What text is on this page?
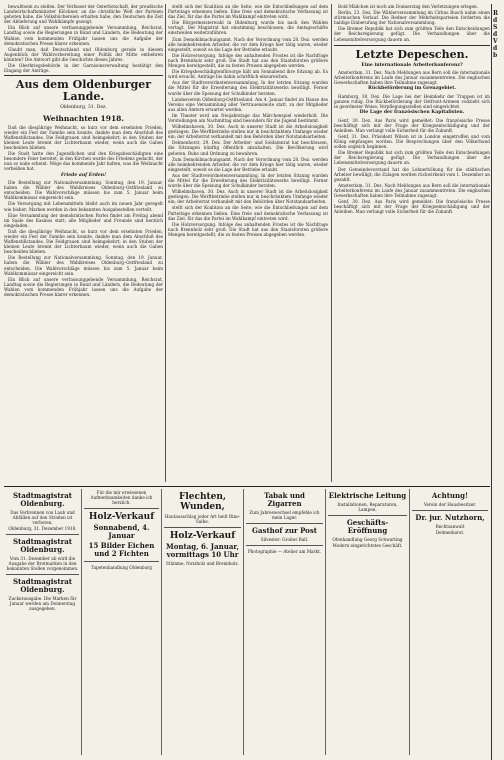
bewußtsein zu stellen. Der Verfasser der Osterbotschaft, der preußische Landwirtschaftsminister Klöckner, an die christliche Welt der Parteien geboten habe, die Volksbüchereien erhalten habe, den Deutschen die Zeit der Ablieferung und Wahlkämpfe gezeigt.

Ein Blick auf unsere verfassunggebende Versammlung, Reichsrat, Landtag sowie die Regierungen in Bund und Ländern, die Bedeutung der Wahlen vom kommenden Frühjahr lassen uns die Aufgabe der demokratischen Presse klarer erkennen.

Glaubt man, daß Deutschland und Oldenburg gerade in diesem Augenblick der Wahlvorbereitung einer Politik der Mitte entbehren könnten? Die Antwort gibt die Geschichte dieses Jahres.

Die Oberkriegsbehörde in der Garnisonsverwaltung bestätigt den Eingang der Anträge.

Aus dem Oldenburger Lande.
Oldenburg, 31. Dez.
Weihnachten 1918.

Daß die diesjährige Weihnacht, so kurz vor dem ersehnten Frieden, wieder ein Fest der Familie sein konnte, dankte man dem Abschluß des Waffenstillstandes. Die Feldgrauen sind heimgekehrt; in den Stuben der kleinen Leute brennt der Lichterbaum wieder, wenn auch die Gaben bescheiden blieben.

Die Stadt hatte den Jugendlichen und den Kriegsbeschädigten eine besondere Feier bereitet; in den Kirchen wurde des Friedens gedacht, der nun so nahe scheint. Möge das kommende Jahr halten, was die Weihnacht verheißen hat.

Friede auf Erden!

Die Bestellung zur Nationalversammlung. Sonntag, den 19. Januar, haben die Wähler des Wahlkreises Oldenburg–Ostfriesland zu entscheiden. Die Wahlvorschläge müssen bis zum 5. Januar beim Wahlkommissar eingereicht sein.

Die Versorgung mit Lebensmitteln bleibt auch im neuen Jahr geregelt wie bisher; Marken werden in den bekannten Ausgabestellen verteilt.

Eine Versammlung der demokratischen Partei findet am Freitag abend im Saale des Kasinos statt; alle Mitglieder und Freunde sind herzlich eingeladen.

Daß die diesjährige Weihnacht, so kurz vor dem ersehnten Frieden, wieder ein Fest der Familie sein konnte, dankte man dem Abschluß des Waffenstillstandes. Die Feldgrauen sind heimgekehrt; in den Stuben der kleinen Leute brennt der Lichterbaum wieder, wenn auch die Gaben bescheiden blieben.

Die Bestellung zur Nationalversammlung. Sonntag, den 19. Januar, haben die Wähler des Wahlkreises Oldenburg–Ostfriesland zu entscheiden. Die Wahlvorschläge müssen bis zum 5. Januar beim Wahlkommissar eingereicht sein.

Ein Blick auf unsere verfassunggebende Versammlung, Reichsrat, Landtag sowie die Regierungen in Bund und Ländern, die Bedeutung der Wahlen vom kommenden Frühjahr lassen uns die Aufgabe der demokratischen Presse klarer erkennen.

stellt sich der Koalition an die Seite, wie die Entschließungen auf dem Parteitage erkennen ließen. Eine freie und demokratische Verfassung ist das Ziel, für das die Partei im Wahlkampf eintreten wird.

Die Bürgermeisterwahl in Oldenburg wurde bis nach den Wahlen vertagt. Der Magistrat hat einstimmig beschlossen, die Amtsgeschäfte einstweilen weiterzuführen.

Zum Demobilmachungsamt. Nach der Verordnung vom 28. Dez. werden alle heimkehrenden Arbeiter, die vor dem Kriege hier tätig waren, wieder eingestellt, soweit es die Lage der Betriebe erlaubt.

Die Holzversorgung. Infolge des anhaltenden Frostes ist die Nachfrage nach Brennholz sehr groß. Die Stadt hat aus den Staatsforsten größere Mengen bereitgestellt, die zu festen Preisen abgegeben werden.

Die Kriegsbeschädigtenfürsorge hält am Sonnabend ihre Sitzung ab. Es wird ersucht, Anträge bis dahin schriftlich einzureichen.

Aus der Stadtverordnetenversammlung. In der letzten Sitzung wurden die Mittel für die Erweiterung des Elektrizitätswerks bewilligt. Ferner wurde über die Speisung der Schulkinder beraten.

Landesverein Oldenburg-Ostfriesland. Am 4. Januar findet im Hause des Vereins eine Versammlung aller Vertrauensleute statt, zu der Mitglieder aus allen Ämtern erwartet werden.

Im Theater wird am Neujahrstage das Märchenspiel wiederholt. Die Vorstellungen am Nachmittag sind besonders für die Jugend bestimmt.

Wilhelmshaven, 30. Dez. Auch in unserer Stadt ist die Arbeitslosigkeit gestiegen. Die Werftbetriebe stellen nur in beschränktem Umfange wieder ein; der Arbeiterrat verhandelt mit den Behörden über Notstandsarbeiten.

Delmenhorst, 29. Dez. Der Arbeiter- und Soldatenrat hat beschlossen, die Sitzungen künftig öffentlich abzuhalten. Die Bevölkerung wird gebeten, Ruhe und Ordnung zu bewahren.

Zum Demobilmachungsamt. Nach der Verordnung vom 28. Dez. werden alle heimkehrenden Arbeiter, die vor dem Kriege hier tätig waren, wieder eingestellt, soweit es die Lage der Betriebe erlaubt.

Aus der Stadtverordnetenversammlung. In der letzten Sitzung wurden die Mittel für die Erweiterung des Elektrizitätswerks bewilligt. Ferner wurde über die Speisung der Schulkinder beraten.

Wilhelmshaven, 30. Dez. Auch in unserer Stadt ist die Arbeitslosigkeit gestiegen. Die Werftbetriebe stellen nur in beschränktem Umfange wieder ein; der Arbeiterrat verhandelt mit den Behörden über Notstandsarbeiten.

stellt sich der Koalition an die Seite, wie die Entschließungen auf dem Parteitage erkennen ließen. Eine freie und demokratische Verfassung ist das Ziel, für das die Partei im Wahlkampf eintreten wird.

Die Holzversorgung. Infolge des anhaltenden Frostes ist die Nachfrage nach Brennholz sehr groß. Die Stadt hat aus den Staatsforsten größere Mengen bereitgestellt, die zu festen Preisen abgegeben werden.

Bold Mädchen ist noch am Donnerstag den Verletzungen erlegen.

Berlin, 23. Dez. Die Wählerversammlung im Cirkus Busch nahm einen stürmischen Verlauf. Die Redner der Mehrheitsparteien forderten die baldige Einberufung der Nationalversammlung.

Die Bremer Republik hat sich zum größten Teile den Entscheidungen der Reichsregierung gefügt. Die Verhandlungen über die Lebensmittelversorgung dauern an.

Letzte Depeschen.
Eine internationale Arbeiterkonferenz?

Amsterdam, 31. Dez. Nach Meldungen aus Bern soll die internationale Arbeiterkonferenz im Laufe des Januar zusammentreten. Die englischen Gewerkschaften haben ihre Teilnahme zugesagt.

Rückbeförderung im Grenzgebiet.

Hamburg, 30. Dez. Die Lage bei der Heimkehr der Truppen ist im ganzen ruhig. Die Rückbeförderung der Ostfront-Armeen vollzieht sich in geordneter Weise; Verpflegungsstellen sind eingerichtet.

Die Lage der französischen Kapitalisten.

Genf, 30. Dez. Aus Paris wird gemeldet: Die französische Presse beschäftigt sich mit der Frage der Kriegsentschädigung und der Anleihen. Man verlangt volle Sicherheit für die Zukunft.

Genf, 31. Dez. Präsident Wilson ist in London eingetroffen und vom König empfangen worden. Die Besprechungen über den Völkerbund sollen sogleich beginnen.

Die Bremer Republik hat sich zum größten Teile den Entscheidungen der Reichsregierung gefügt. Die Verhandlungen über die Lebensmittelversorgung dauern an.

Der Gemeindevorstand hat die Lohnerhöhung für die städtischen Arbeiter bewilligt; die Zulagen werden rückwirkend vom 1. Dezember an gezahlt.

Amsterdam, 31. Dez. Nach Meldungen aus Bern soll die internationale Arbeiterkonferenz im Laufe des Januar zusammentreten. Die englischen Gewerkschaften haben ihre Teilnahme zugesagt.

Genf, 30. Dez. Aus Paris wird gemeldet: Die französische Presse beschäftigt sich mit der Frage der Kriegsentschädigung und der Anleihen. Man verlangt volle Sicherheit für die Zukunft.

R
d
S
d
V
d
b
Stadtmagistrat Oldenburg.
Das Verbrennen von Laub und Abfällen auf den Straßen ist verboten.
Oldenburg, 31. Dezember 1918.
Stadtmagistrat Oldenburg.
Vom 31. Dezember ab wird die Ausgabe der Brotmarken in den bekannten Stellen vorgenommen.
Stadtmagistrat Oldenburg.
Zuckerausgabe. Die Marken für Januar werden am Donnerstag ausgegeben.
Für die mir erwiesenen Aufmerksamkeiten danke ich herzlich.
Holz-Verkauf
Sonnabend, 4. Januar
15 Bilder Eichen und 2 Fichten
Tapetenhandlung Oldenburg
Flechten, Wunden,
Hautausschlag jeder Art heilt Rino-Salbe.
Holz-Verkauf
Montag, 6. Januar, vormittags 10 Uhr
Stämme, Nutzholz und Brennholz.
Tabak und Zigarren
Zum Jahreswechsel empfehle ich mein Lager.
Gasthof zur Post
Silvester: Großer Ball.
Photographie — Atelier am Markt.
Elektrische Leitung
Installationen, Reparaturen, Lampen.
Geschäfts-Eröffnung
Ofenhandlung Georg Schwarting
Modern eingerichtetes Geschäft.
Achtung!
Verein der Hausbesitzer.
Dr. jur. Nutzhorn,
Rechtsanwalt
Delmenhorst.
